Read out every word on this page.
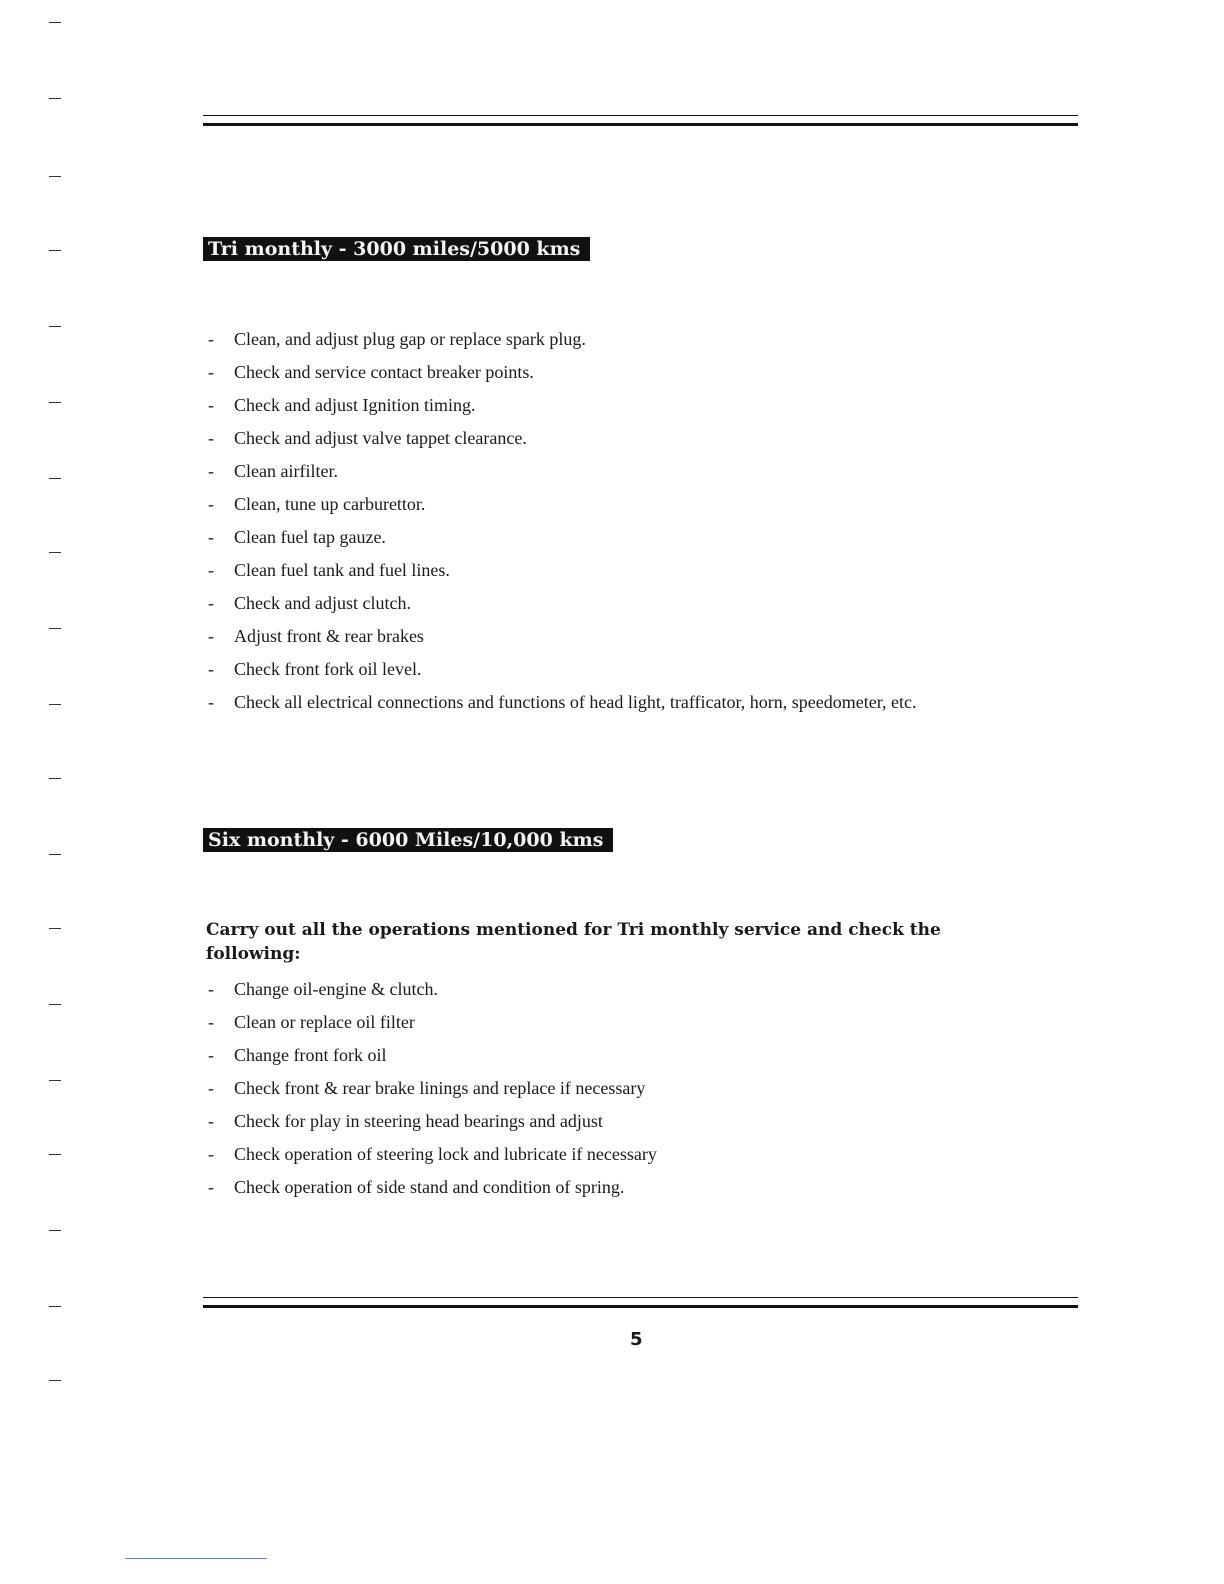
Tri monthly - 3000 miles/5000 kms
- Clean, and adjust plug gap or replace spark plug.
- Check and service contact breaker points.
- Check and adjust Ignition timing.
- Check and adjust valve tappet clearance.
- Clean airfilter.
- Clean, tune up carburettor.
- Clean fuel tap gauze.
- Clean fuel tank and fuel lines.
- Check and adjust clutch.
- Adjust front & rear brakes
- Check front fork oil level.
- Check all electrical connections and functions of head light, trafficator, horn, speedometer, etc.
Six monthly - 6000 Miles/10,000 kms
Carry out all the operations mentioned for Tri monthly service and check the following:
- Change oil-engine & clutch.
- Clean or replace oil filter
- Change front fork oil
- Check front & rear brake linings and replace if necessary
- Check for play in steering head bearings and adjust
- Check operation of steering lock and lubricate if necessary
- Check operation of side stand and condition of spring.
5
